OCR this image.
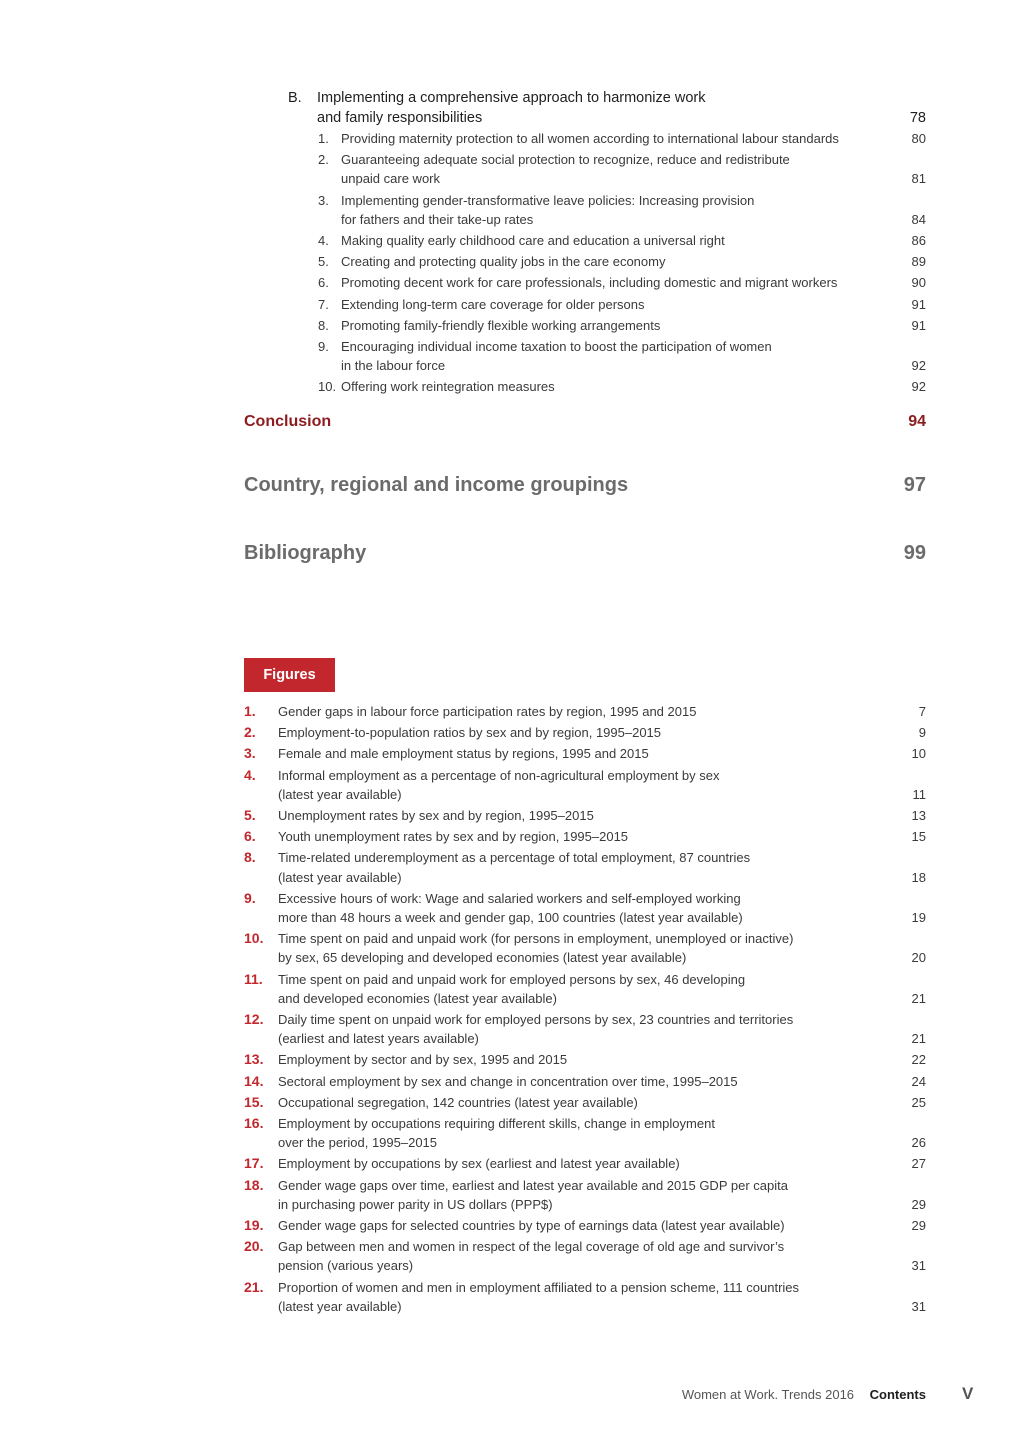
B.	Implementing a comprehensive approach to harmonize work
and family responsibilities	78
1. Providing maternity protection to all women according to international labour standards	80
2. Guaranteeing adequate social protection to recognize, reduce and redistribute
unpaid care work	81
3. Implementing gender-transformative leave policies: Increasing provision
for fathers and their take-up rates	84
4. Making quality early childhood care and education a universal right	86
5. Creating and protecting quality jobs in the care economy	89
6. Promoting decent work for care professionals, including domestic and migrant workers	90
7. Extending long-term care coverage for older persons	91
8. Promoting family-friendly flexible working arrangements	91
9. Encouraging individual income taxation to boost the participation of women
in the labour force	92
10. Offering work reintegration measures	92
Conclusion	94
Country, regional and income groupings	97
Bibliography	99
Figures
1.	Gender gaps in labour force participation rates by region, 1995 and 2015	7
2.	Employment-to-population ratios by sex and by region, 1995–2015	9
3.	Female and male employment status by regions, 1995 and 2015	10
4.	Informal employment as a percentage of non-agricultural employment by sex
(latest year available)	11
5.	Unemployment rates by sex and by region, 1995–2015	13
6.	Youth unemployment rates by sex and by region, 1995–2015	15
8.	Time-related underemployment as a percentage of total employment, 87 countries
(latest year available)	18
9.	Excessive hours of work: Wage and salaried workers and self-employed working
more than 48 hours a week and gender gap, 100 countries (latest year available)	19
10.	Time spent on paid and unpaid work (for persons in employment, unemployed or inactive)
by sex, 65 developing and developed economies (latest year available)	20
11.	Time spent on paid and unpaid work for employed persons by sex, 46 developing
and developed economies (latest year available)	21
12.	Daily time spent on unpaid work for employed persons by sex, 23 countries and territories
(earliest and latest years available)	21
13.	Employment by sector and by sex, 1995 and 2015	22
14.	Sectoral employment by sex and change in concentration over time, 1995–2015	24
15.	Occupational segregation, 142 countries (latest year available)	25
16.	Employment by occupations requiring different skills, change in employment
over the period, 1995–2015	26
17.	Employment by occupations by sex (earliest and latest year available)	27
18.	Gender wage gaps over time, earliest and latest year available and 2015 GDP per capita
in purchasing power parity in US dollars (PPP$)	29
19.	Gender wage gaps for selected countries by type of earnings data (latest year available)	29
20.	Gap between men and women in respect of the legal coverage of old age and survivor’s
pension (various years)	31
21.	Proportion of women and men in employment affiliated to a pension scheme, 111 countries
(latest year available)	31
Women at Work. Trends 2016 Contents V
